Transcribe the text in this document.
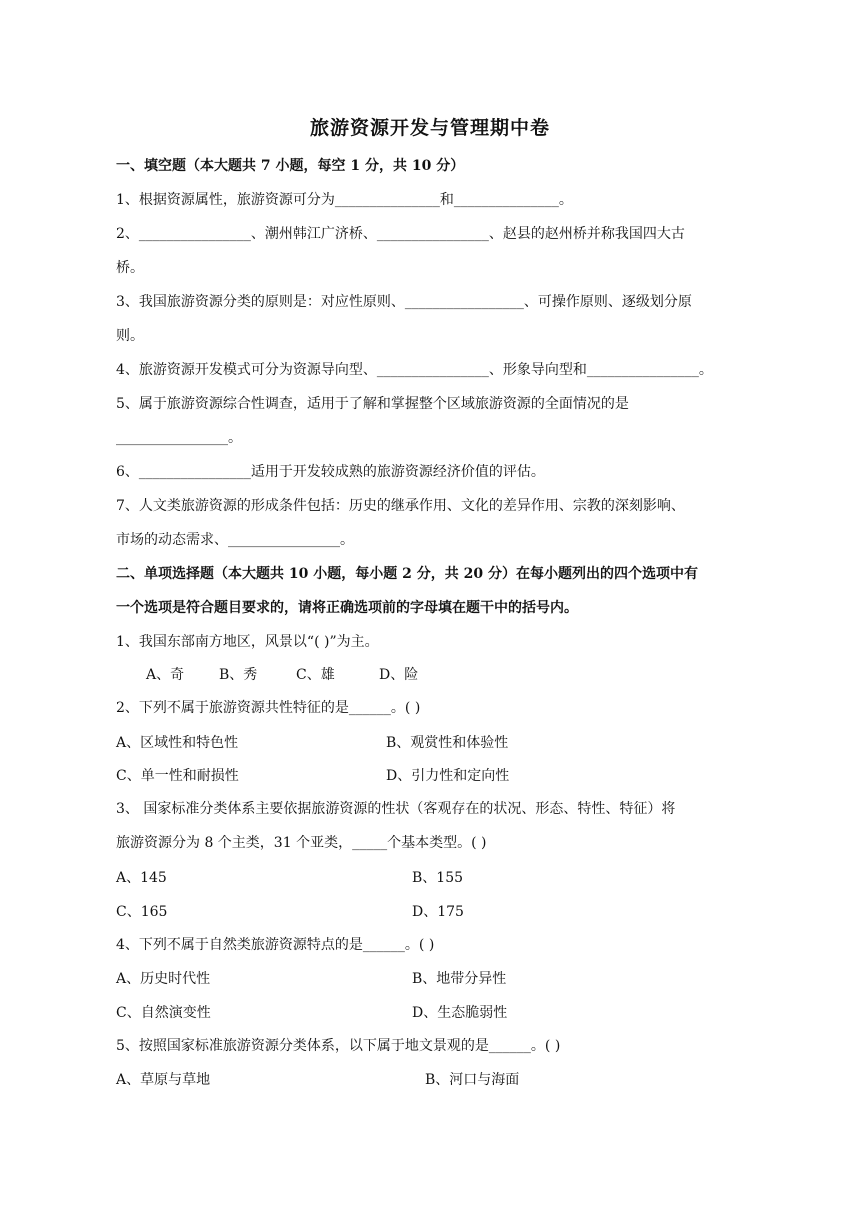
旅游资源开发与管理期中卷
一、填空题（本大题共 7 小题，每空 1 分，共 10 分）
1、根据资源属性，旅游资源可分为_______________和_______________。
2、________________、潮州韩江广济桥、________________、赵县的赵州桥并称我国四大古
桥。
3、我国旅游资源分类的原则是：对应性原则、_________________、可操作原则、逐级划分原
则。
4、旅游资源开发模式可分为资源导向型、________________、形象导向型和________________。
5、属于旅游资源综合性调查，适用于了解和掌握整个区域旅游资源的全面情况的是
________________。
6、________________适用于开发较成熟的旅游资源经济价值的评估。
7、人文类旅游资源的形成条件包括：历史的继承作用、文化的差异作用、宗教的深刻影响、
市场的动态需求、________________。
二、单项选择题（本大题共 10 小题，每小题 2 分，共 20 分）在每小题列出的四个选项中有
一个选项是符合题目要求的，请将正确选项前的字母填在题干中的括号内。
1、我国东部南方地区，风景以“( )”为主。
A、奇 B、秀	C、雄	D、险
2、下列不属于旅游资源共性特征的是______。( )
A、区域性和特色性	B、观赏性和体验性
C、单一性和耐损性	D、引力性和定向性
3、 国家标准分类体系主要依据旅游资源的性状（客观存在的状况、形态、特性、特征）将
旅游资源分为 8 个主类，31 个亚类，_____个基本类型。( )
A、145	B、155
C、165	D、175
4、下列不属于自然类旅游资源特点的是______。( )
A、历史时代性	B、地带分异性
C、自然演变性	D、生态脆弱性
5、按照国家标准旅游资源分类体系，以下属于地文景观的是______。( )
A、草原与草地	B、河口与海面
